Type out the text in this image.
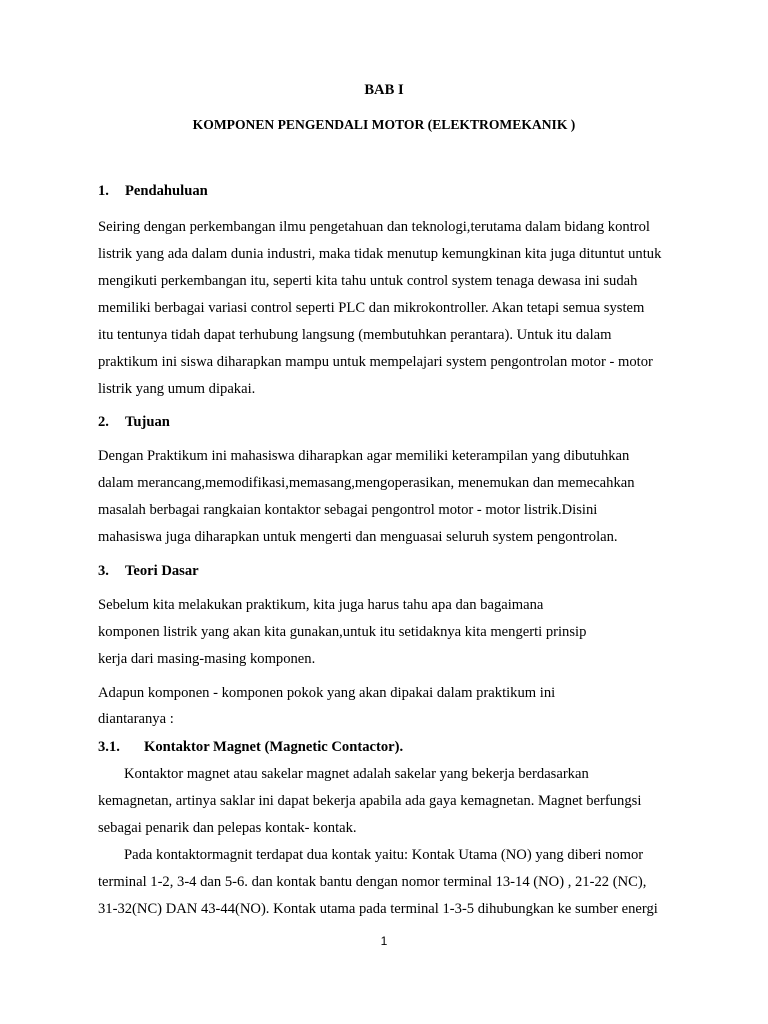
BAB I
KOMPONEN PENGENDALI MOTOR (ELEKTROMEKANIK )
1. Pendahuluan
Seiring dengan perkembangan ilmu pengetahuan dan teknologi,terutama dalam bidang kontrol
listrik yang ada dalam dunia industri, maka tidak menutup kemungkinan kita juga dituntut untuk
mengikuti perkembangan itu, seperti kita tahu untuk control system tenaga dewasa ini sudah
memiliki berbagai variasi control seperti PLC dan mikrokontroller. Akan tetapi semua system
itu tentunya tidah dapat terhubung langsung (membutuhkan perantara). Untuk itu dalam
praktikum ini siswa diharapkan mampu untuk mempelajari system pengontrolan motor - motor
listrik yang umum dipakai.
2. Tujuan
Dengan Praktikum ini mahasiswa diharapkan agar memiliki keterampilan yang dibutuhkan
dalam merancang,memodifikasi,memasang,mengoperasikan, menemukan dan memecahkan
masalah berbagai rangkaian kontaktor sebagai pengontrol motor - motor listrik.Disini
mahasiswa juga diharapkan untuk mengerti dan menguasai seluruh system pengontrolan.
3. Teori Dasar
Sebelum kita melakukan praktikum, kita juga harus tahu apa dan bagaimana
komponen listrik yang akan kita gunakan,untuk itu setidaknya kita mengerti prinsip
kerja dari masing-masing komponen.
Adapun komponen - komponen pokok yang akan dipakai dalam praktikum ini
diantaranya :
3.1. Kontaktor Magnet (Magnetic Contactor).
Kontaktor magnet atau sakelar magnet adalah sakelar yang bekerja berdasarkan
kemagnetan, artinya saklar ini dapat bekerja apabila ada gaya kemagnetan. Magnet berfungsi
sebagai penarik dan pelepas kontak- kontak.
Pada kontaktormagnit terdapat dua kontak yaitu: Kontak Utama (NO) yang diberi nomor
terminal 1-2, 3-4 dan 5-6. dan kontak bantu dengan nomor terminal 13-14 (NO) , 21-22 (NC),
31-32(NC) DAN 43-44(NO). Kontak utama pada terminal 1-3-5 dihubungkan ke sumber energi
1
